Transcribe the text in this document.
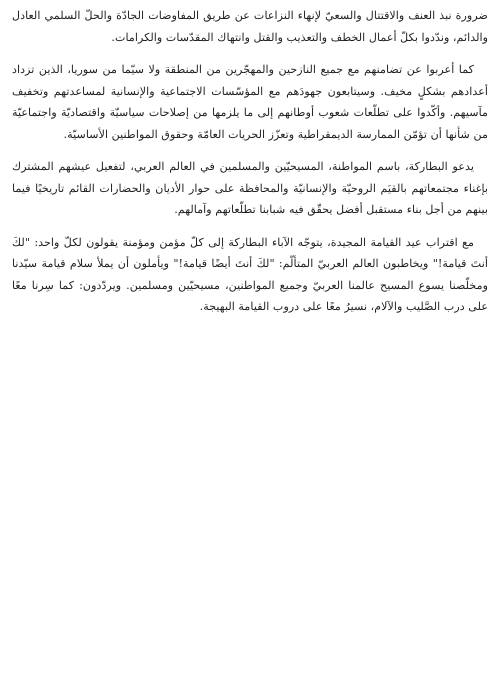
ضرورة نبذ العنف والاقتتال والسعيّ لإنهاء النزاعات عن طريق المفاوضات الجادّة والحلّ السلمي العادل والدائم، وندّدوا بكلّ أعمال الخطف والتعذيب والقتل وانتهاك المقدّسات والكرامات.

كما أعربوا عن تضامنهم مع جميع النازحين والمهجّرين من المنطقة ولا سيّما من سوريا، الذين تزداد أعدادهم بشكلٍ مخيف. وسيتابعون جهودَهم مع المؤسّسات الاجتماعية والإنسانية لمساعدتهم وتخفيف مآسيهم. وأكّدوا على تطلّعات شعوب أوطانهم إلى ما يلزمها من إصلاحات سياسيّة واقتصاديّة واجتماعيّة من شأنها أن تؤمّن الممارسة الديمقراطية وتعزّز الحريات العامّة وحقوق المواطنين الأساسيّة.

يدعو البطاركة، باسم المواطنة، المسيحيّين والمسلمين في العالم العربي، لتفعيل عيشهم المشترك بإغناء مجتمعاتهم بالقيَم الروحيّة والإنسانيّة والمحافظة على حوار الأديان والحضارات القائم تاريخيًا فيما بينهم من أجل بناء مستقبل أفضل يحقّق فيه شبابنا تطلّعاتهم وآمالهم.

مع اقتراب عيد القيامة المجيدة، يتوجّه الآباء البطاركة إلى كلّ مؤمن ومؤمنة يقولون لكلّ واحد: "لكَ أنتَ قيامة!" ويخاطبون العالم العربيّ المتألّم: "لكَ أنتَ أيضًا قيامة!" ويأملون أن يملأ سلام قيامة سيّدنا ومخلّصنا يسوع المسيح عالمنا العربيّ وجميع المواطنين، مسيحيّين ومسلمين. ويردّدون: كما سِرنا معًا على درب الصَّليب والآلام، نسيرُ معًا على دروب القيامة البهيجة.
